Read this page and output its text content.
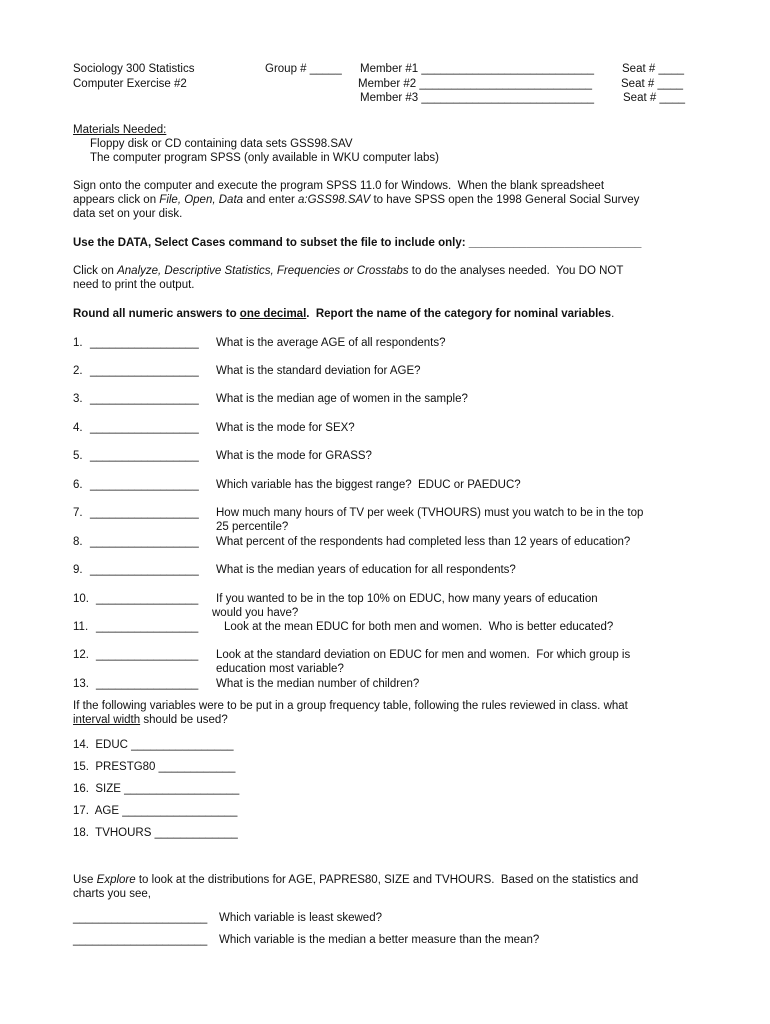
Sociology 300 Statistics
Computer Exercise #2
Group # _____ Member #1 ___________________________ Seat # ____
Member #2 ___________________________	Seat # ____
Member #3 ___________________________	Seat # ____
Materials Needed:
Floppy disk or CD containing data sets GSS98.SAV
The computer program SPSS (only available in WKU computer labs)
Sign onto the computer and execute the program SPSS 11.0 for Windows.  When the blank spreadsheet
appears click on File, Open, Data and enter a:GSS98.SAV to have SPSS open the 1998 General Social Survey
data set on your disk.
Use the DATA, Select Cases command to subset the file to include only: ___________________________
Click on Analyze, Descriptive Statistics, Frequencies or Crosstabs to do the analyses needed.  You DO NOT
need to print the output.
Round all numeric answers to one decimal.  Report the name of the category for nominal variables.
1. _________________ What is the average AGE of all respondents?
2. _________________ What is the standard deviation for AGE?
3. _________________ What is the median age of women in the sample?
4. _________________ What is the mode for SEX?
5. _________________ What is the mode for GRASS?
6. _________________ Which variable has the biggest range?  EDUC or PAEDUC?
7. _________________ How much many hours of TV per week (TVHOURS) must you watch to be in the top
25 percentile?
8. _________________ What percent of the respondents had completed less than 12 years of education?
9. _________________ What is the median years of education for all respondents?
10. ________________ If you wanted to be in the top 10% on EDUC, how many years of education
would you have?
11. ________________ Look at the mean EDUC for both men and women.  Who is better educated?
12. ________________ Look at the standard deviation on EDUC for men and women.  For which group is
education most variable?
13. ________________ What is the median number of children?
If the following variables were to be put in a group frequency table, following the rules reviewed in class. what
interval width should be used?
14.  EDUC ________________
15.  PRESTG80 ____________
16.  SIZE __________________
17.  AGE __________________
18.  TVHOURS _____________
Use Explore to look at the distributions for AGE, PAPRES80, SIZE and TVHOURS.  Based on the statistics and
charts you see,
_____________________ Which variable is least skewed?
_____________________ Which variable is the median a better measure than the mean?
